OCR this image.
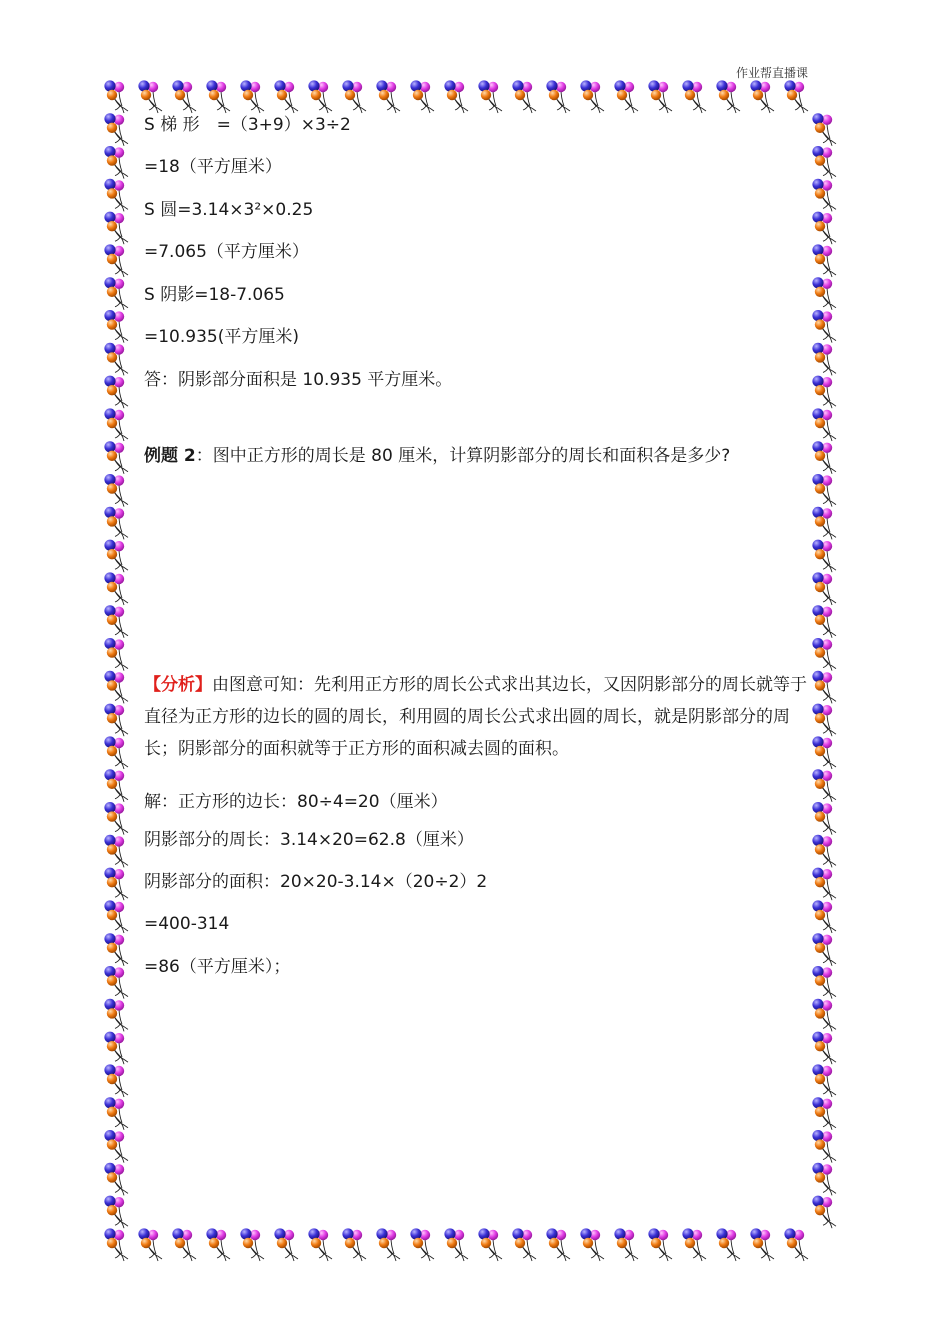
作业帮直播课
S 梯 形　=（3+9）×3÷2
=18（平方厘米）
S 圆=3.14×3²×0.25
=7.065（平方厘米）
S 阴影=18-7.065
=10.935(平方厘米)
答：阴影部分面积是 10.935 平方厘米。
例题 2：图中正方形的周长是 80 厘米，计算阴影部分的周长和面积各是多少?
【分析】由图意可知：先利用正方形的周长公式求出其边长，又因阴影部分的周长就等于直径为正方形的边长的圆的周长，利用圆的周长公式求出圆的周长，就是阴影部分的周长；阴影部分的面积就等于正方形的面积减去圆的面积。
解：正方形的边长：80÷4=20（厘米）
阴影部分的周长：3.14×20=62.8（厘米）
阴影部分的面积：20×20-3.14×（20÷2）2
=400-314
=86（平方厘米）；
